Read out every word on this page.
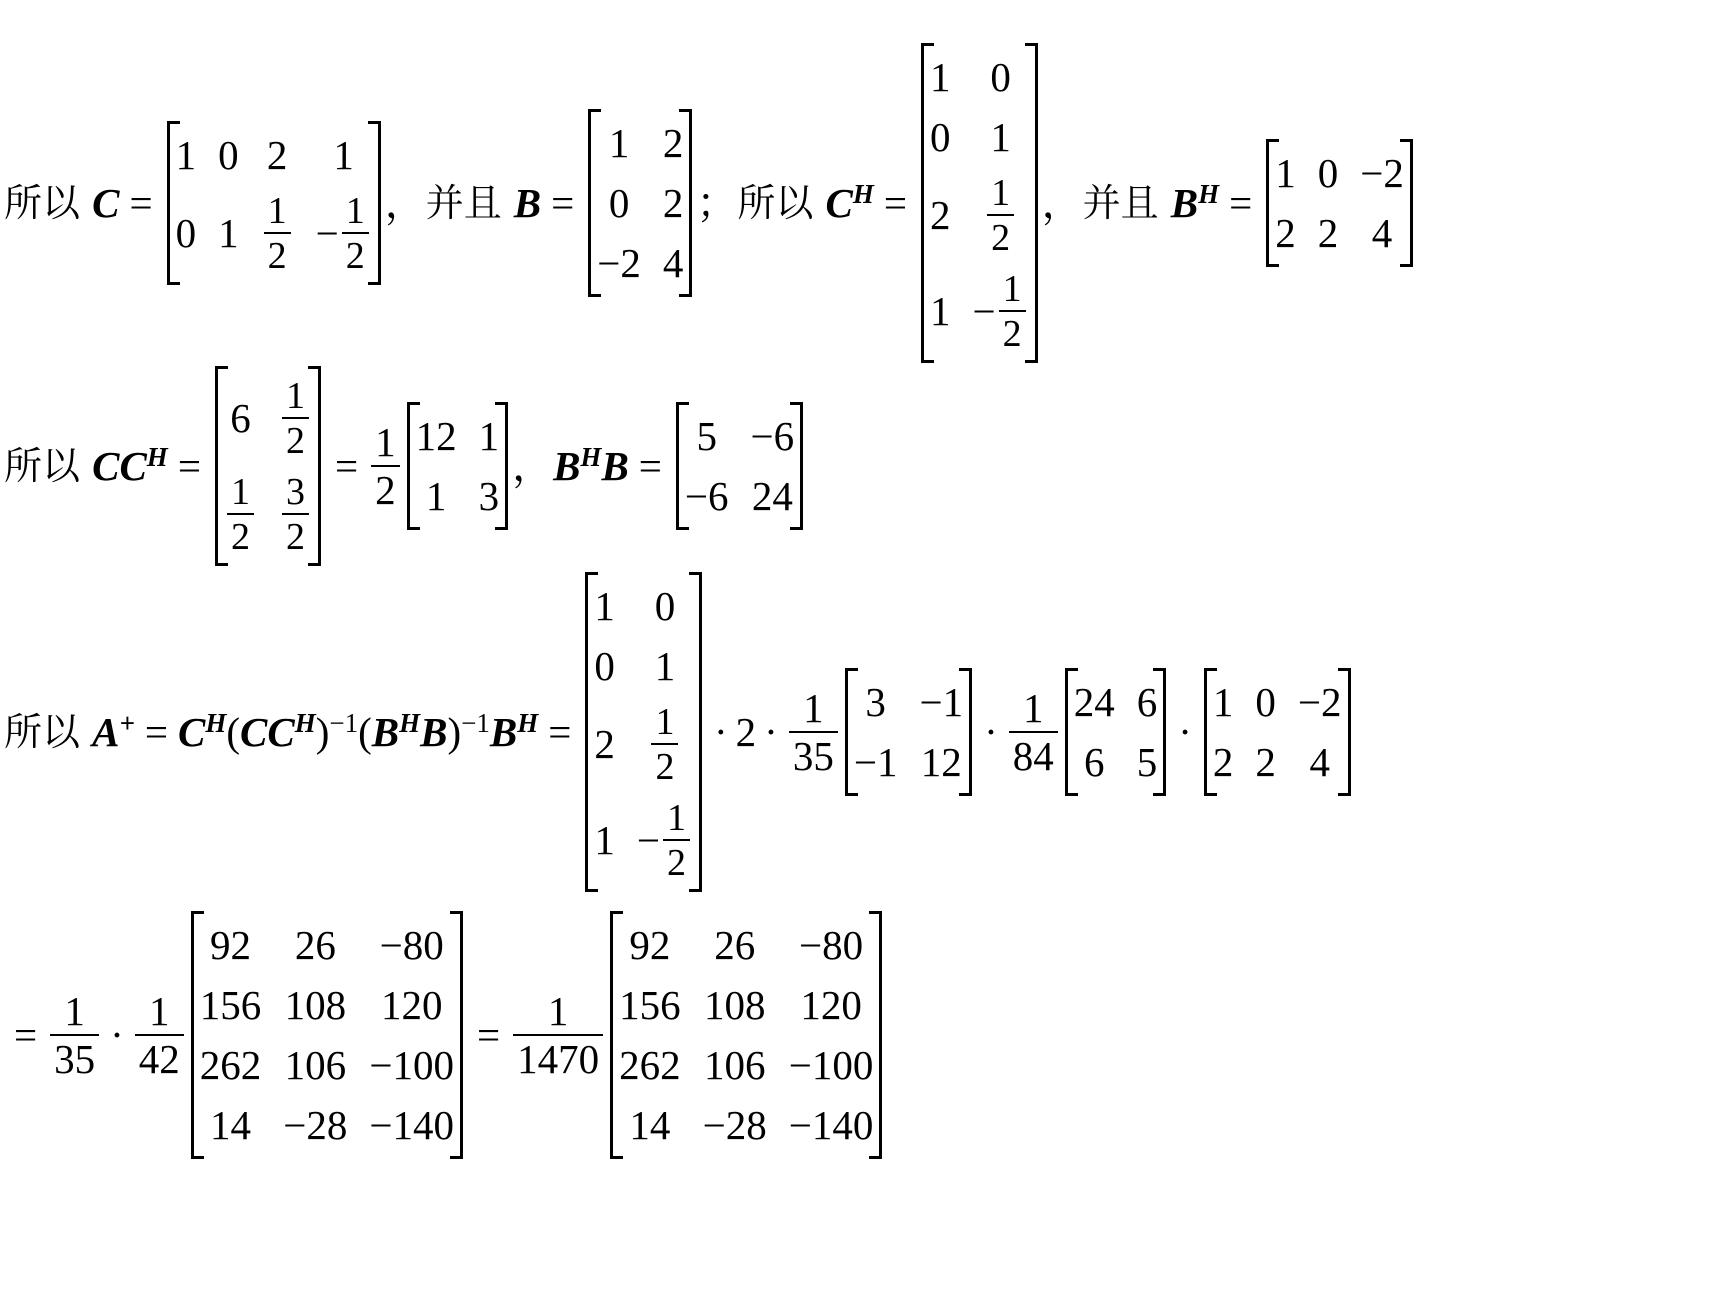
所以 C =
1 0 2 1
0 $1 \frac{1}{2} - \frac{1}{2}$ ， 并且 B =
1 2
0 2
−2 4
； 所以 $C^H$ =
1 0
0 1
$2 \frac{1}{2}$
$1 - \frac{1}{2}$
， 并且 $B^H$ =
1 0 −2
2 2 4
所以 $CC^H$ =
$6 \frac{1}{2}$
$\frac{1}{2} \frac{3}{2}$
= $\frac{1}{2} 12$ 1
1 3
， $B^H$ B =
5 −6
−6 24
所以 $A^+ = C^H$ ( $CC^H$ )$^{-1}$ ( $B^H$ B )$^{-1}$ $B^H$ =
1 0
0 1
$2 \frac{1}{2}$
$1 - \frac{1}{2}$
· $2 \cdot \frac{1}{35} 3 -1$
−1 12
· $\frac{1}{84} 24$ 6
6 5
·
1 0 −2
2 2 4
= $\frac{1}{35} \cdot \frac{1}{42}$
92 26 −80
156 108 120
262 106 −100
14 −28 −140
= $\frac{1}{1470}$
92 26 −80
156 108 120
262 106 −100
14 −28 −140
